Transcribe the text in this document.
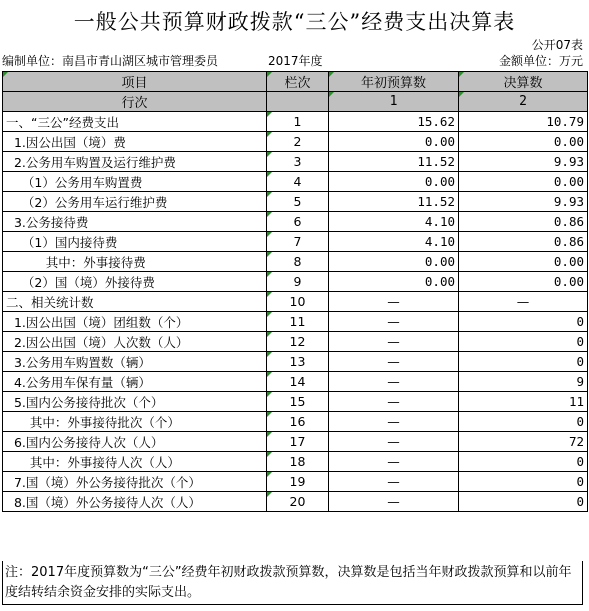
一般公共预算财政拨款“三公”经费支出决算表
公开07表
编制单位：南昌市青山湖区城市管理委员	2017年度	金额单位：万元
项目	栏次	年初预算数	决算数
行次		1	2
一、“三公”经费支出	1	15.62	10.79
1.因公出国（境）费	2	0.00	0.00
2.公务用车购置及运行维护费	3	11.52	9.93
（1）公务用车购置费	4	0.00	0.00
（2）公务用车运行维护费	5	11.52	9.93
3.公务接待费	6	4.10	0.86
（1）国内接待费	7	4.10	0.86
其中：外事接待费	8	0.00	0.00
（2）国（境）外接待费	9	0.00	0.00
二、相关统计数	10	—	—
1.因公出国（境）团组数（个）	11	—	0
2.因公出国（境）人次数（人）	12	—	0
3.公务用车购置数（辆）	13	—	0
4.公务用车保有量（辆）	14	—	9
5.国内公务接待批次（个）	15	—	11
其中：外事接待批次（个）	16	—	0
6.国内公务接待人次（人）	17	—	72
其中：外事接待人次（人）	18	—	0
7.国（境）外公务接待批次（个）	19	—	0
8.国（境）外公务接待人次（人）	20	—	0
注：2017年度预算数为“三公”经费年初财政拨款预算数，决算数是包括当年财政拨款预算和以前年度结转结余资金安排的实际支出。
